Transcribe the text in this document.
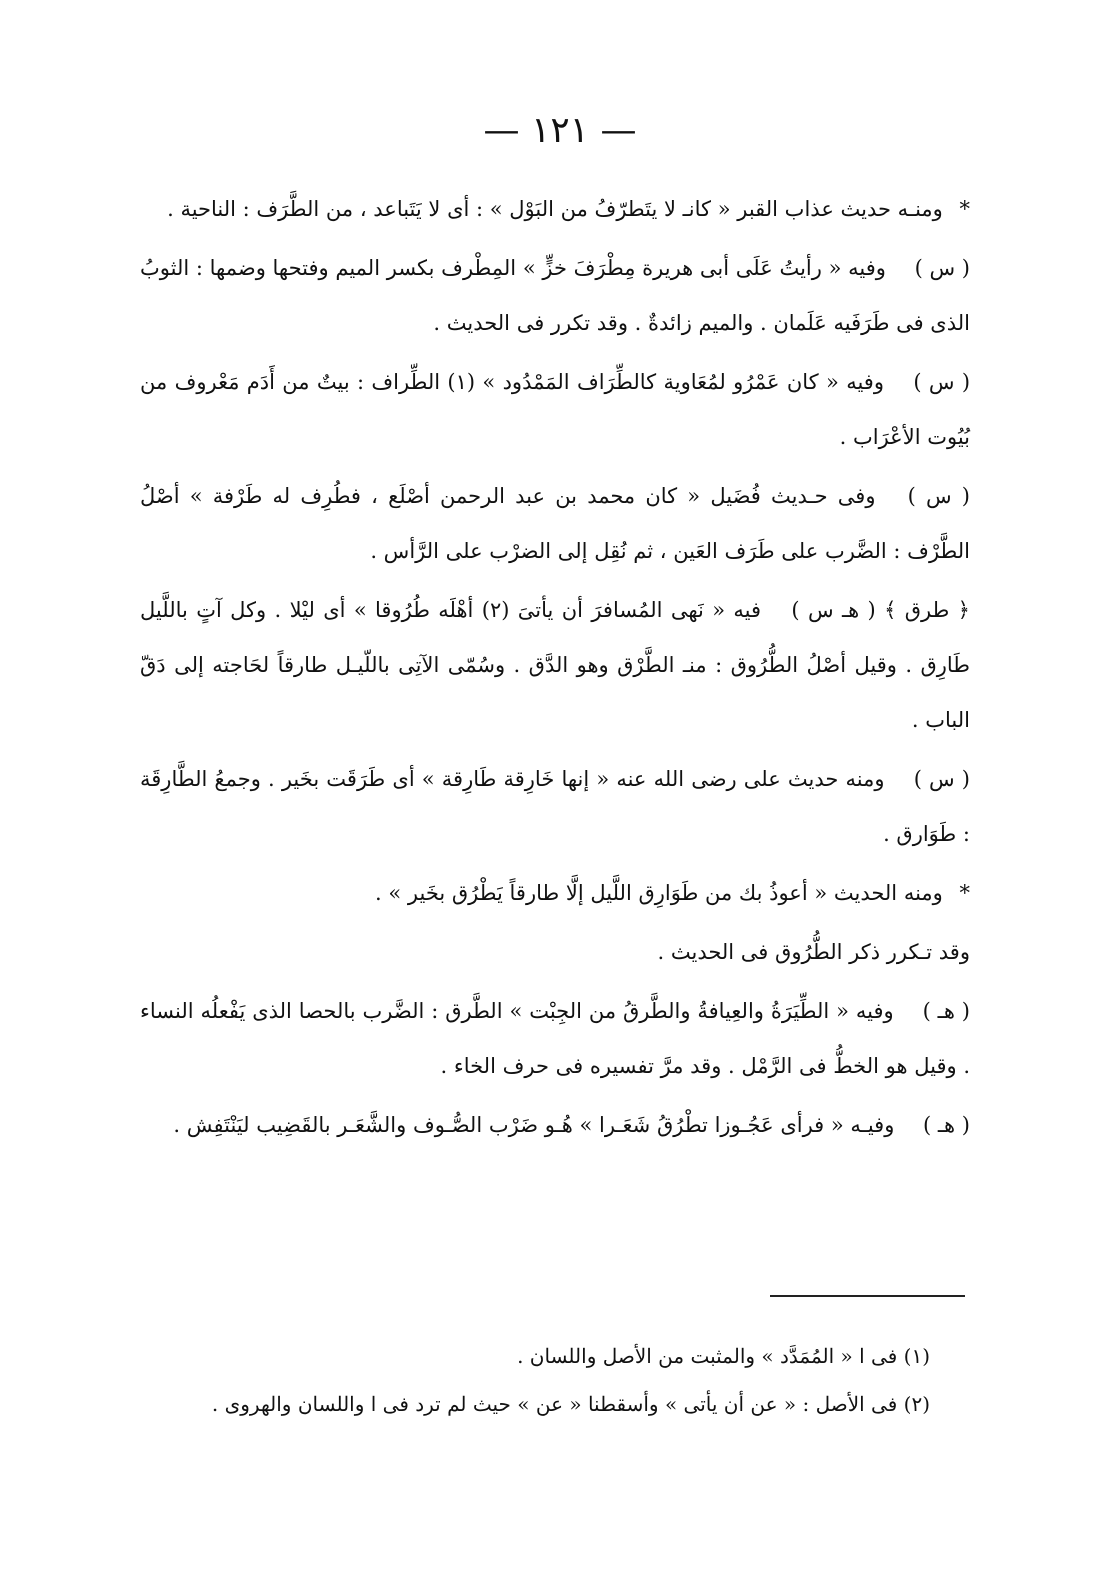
— ١٢١ —

* ومنـه حديث عذاب القبر « كانـ لا يتَطرّفُ من البَوْل » : أى لا يَتَباعد ، من الطَّرَف : الناحية .

( س ) وفيه « رأيتُ عَلَى أبى هريرة مِطْرَفَ خزٍّ » المِطْرف بكسر الميم وفتحها وضمها : الثوبُ الذى فى طَرَفَيه عَلَمان . والميم زائدةٌ . وقد تكرر فى الحديث .

( س ) وفيه « كان عَمْرُو لمُعَاوية كالطِّرَاف المَمْدُود » (١) الطِّراف : بيتٌ من أَدَم مَعْروف من بُيُوت الأعْرَاب .

( س ) وفى حـديث فُضَيل « كان محمد بن عبد الرحمن أصْلَع ، فطُرِف له طَرْفة » أصْلُ الطَّرْف : الضَّرب على طَرَف العَين ، ثم نُقِل إلى الضرْب على الرَّأس .

﴿ طرق ﴾ ( هـ س ) فيه « نَهى المُسافرَ أن يأتىَ (٢) أهْلَه طُرُوقا » أى ليْلا . وكل آتٍ باللَّيل طَارِق . وقيل أصْلُ الطُّرُوق : منـ الطَّرْق وهو الدَّق . وسُمّى الآتِى باللّيـل طارقاً لحَاجته إلى دَقّ الباب .

( س ) ومنه حديث على رضى الله عنه « إنها خَارِقة طَارِقة » أى طَرَقَت بخَير . وجمعُ الطَّارِقَة : طَوَارق .

* ومنه الحديث « أعوذُ بك من طَوَارِق اللَّيل إلَّا طارقاً يَطْرُق بخَير » .

وقد تـكرر ذكر الطُّرُوق فى الحديث .

( هـ ) وفيه « الطِّيَرَةُ والعِيافةُ والطَّرقُ من الجِبْت » الطَّرق : الضَّرب بالحصا الذى يَفْعلُه النساء . وقيل هو الخطُّ فى الرَّمْل . وقد مرَّ تفسيره فى حرف الخاء .

( هـ ) وفيـه « فرأى عَجُـوزا تطْرُقُ شَعَـرا » هُـو ضَرْب الصُّـوف والشَّعَـر بالقَضِيب ليَنْتَفِش .

(١) فى ا « المُمَدَّد » والمثبت من الأصل واللسان .

(٢) فى الأصل : « عن أن يأتى » وأسقطنا « عن » حيث لم ترد فى ا واللسان والهروى .
